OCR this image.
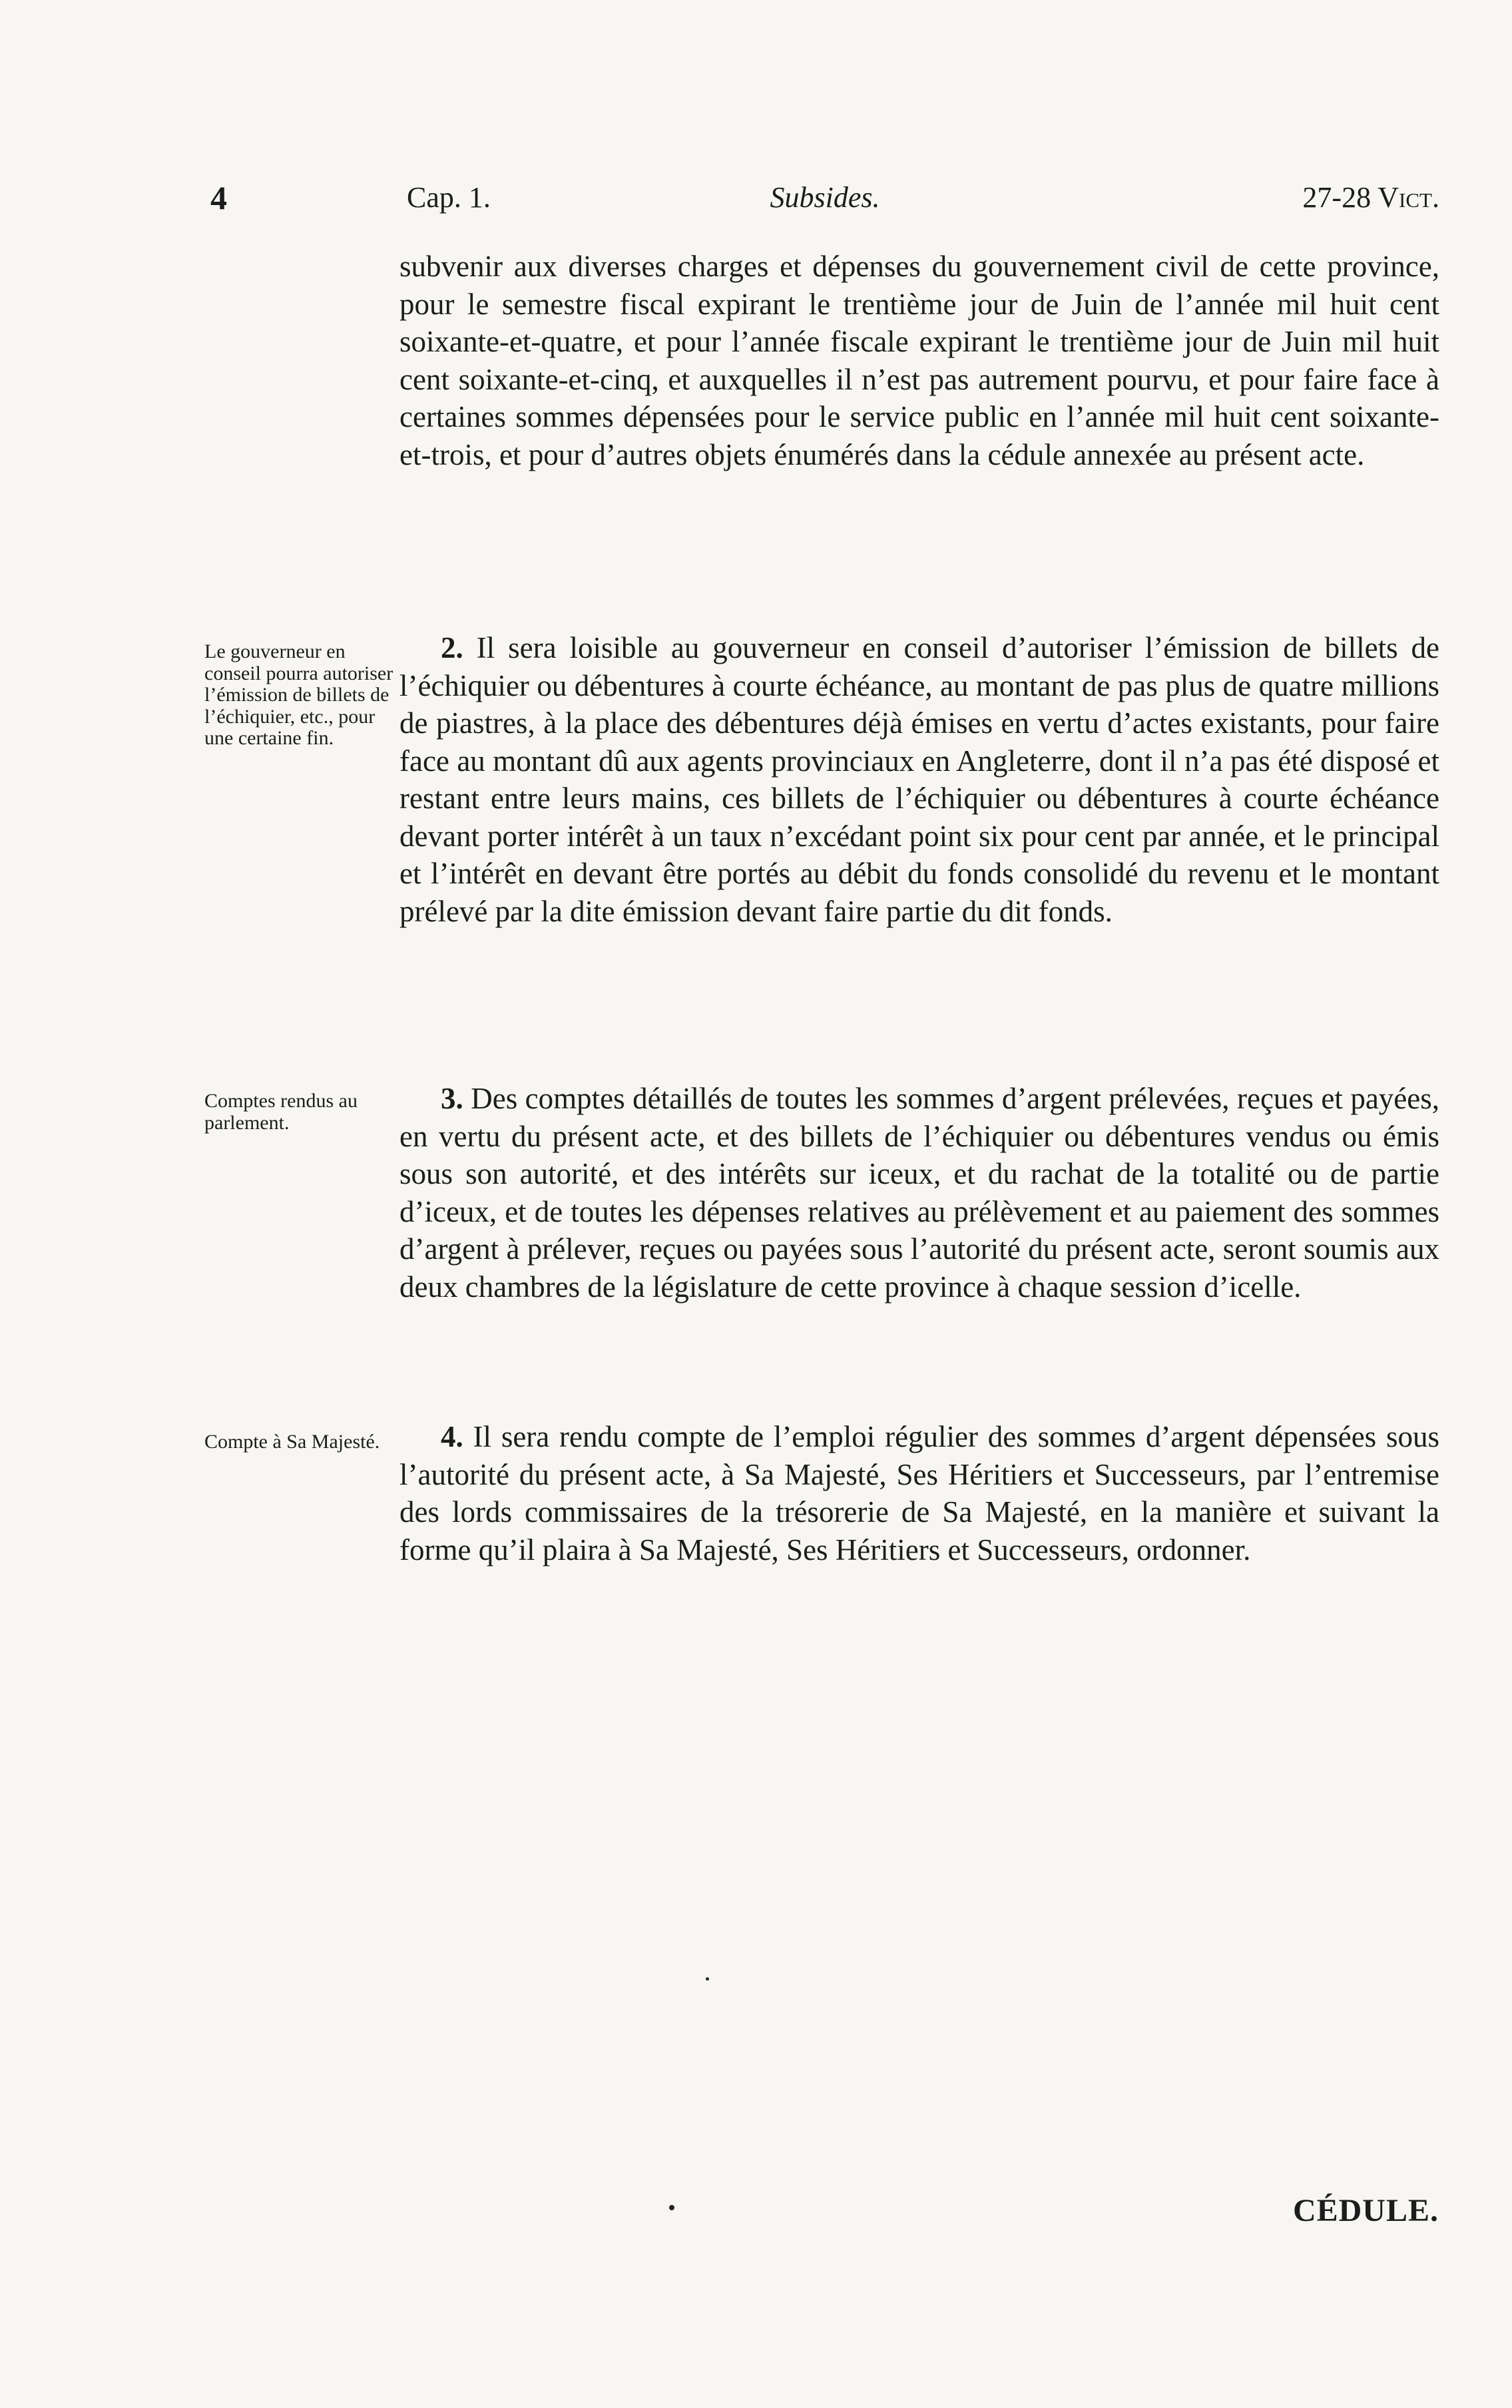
4	Cap. 1.	Subsides.	27-28 Vict.

subvenir aux diverses charges et dépenses du gouvernement civil de cette province, pour le semestre fiscal expirant le trentième jour de Juin de l’année mil huit cent soixante-et-quatre, et pour l’année fiscale expirant le trentième jour de Juin mil huit cent soixante-et-cinq, et auxquelles il n’est pas autrement pourvu, et pour faire face à certaines sommes dépensées pour le service public en l’année mil huit cent soixante-et-trois, et pour d’autres objets énumérés dans la cédule annexée au présent acte.

Le gouverneur en conseil pourra autoriser l’émission de billets de l’échiquier, etc., pour une certaine fin.

2. Il sera loisible au gouverneur en conseil d’autoriser l’émission de billets de l’échiquier ou débentures à courte échéance, au montant de pas plus de quatre millions de piastres, à la place des débentures déjà émises en vertu d’actes existants, pour faire face au montant dû aux agents provinciaux en Angleterre, dont il n’a pas été disposé et restant entre leurs mains, ces billets de l’échiquier ou débentures à courte échéance devant porter intérêt à un taux n’excédant point six pour cent par année, et le principal et l’intérêt en devant être portés au débit du fonds consolidé du revenu et le montant prélevé par la dite émission devant faire partie du dit fonds.

Comptes rendus au parlement.

3. Des comptes détaillés de toutes les sommes d’argent prélevées, reçues et payées, en vertu du présent acte, et des billets de l’échiquier ou débentures vendus ou émis sous son autorité, et des intérêts sur iceux, et du rachat de la totalité ou de partie d’iceux, et de toutes les dépenses relatives au prélèvement et au paiement des sommes d’argent à prélever, reçues ou payées sous l’autorité du présent acte, seront soumis aux deux chambres de la législature de cette province à chaque session d’icelle.

Compte à Sa Majesté.	4. Il sera rendu compte de l’emploi régulier des sommes d’argent dépensées sous l’autorité du présent acte, à Sa Majesté, Ses Héritiers et Successeurs, par l’entremise des lords commissaires de la trésorerie de Sa Majesté, en la manière et suivant la forme qu’il plaira à Sa Majesté, Ses Héritiers et Successeurs, ordonner.

CÉDULE.
